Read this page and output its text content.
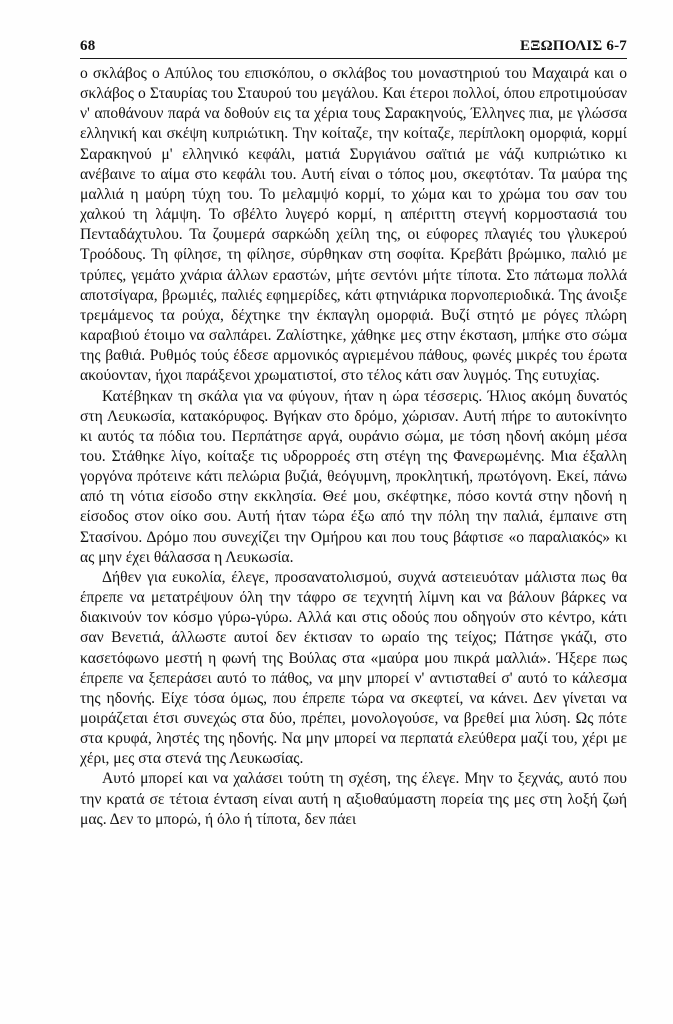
68	ΕΞΩΠΟΛΙΣ 6-7

ο σκλάβος ο Απύλος του επισκόπου, ο σκλάβος του μοναστηριού του Μαχαιρά και ο σκλάβος ο Σταυρίας του Σταυρού του μεγάλου. Και έτεροι πολλοί, όπου επροτιμούσαν ν' αποθάνουν παρά να δοθούν εις τα χέρια τους Σαρακηνούς, Έλληνες πια, με γλώσσα ελληνική και σκέψη κυπριώτικη. Την κοίταζε, την κοίταζε, περίπλοκη ομορφιά, κορμί Σαρακηνού μ' ελληνικό κεφάλι, ματιά Συργιάνου σαϊτιά με νάζι κυπριώτικο κι ανέβαινε το αίμα στο κεφάλι του. Αυτή είναι ο τόπος μου, σκεφτόταν. Τα μαύρα της μαλλιά η μαύρη τύχη του. Το μελαμψό κορμί, το χώμα και το χρώμα του σαν του χαλκού τη λάμψη. Το σβέλτο λυγερό κορμί, η απέριττη στεγνή κορμοστασιά του Πενταδάχτυλου. Τα ζουμερά σαρκώδη χείλη της, οι εύφορες πλαγιές του γλυκερού Τροόδους. Τη φίλησε, τη φίλησε, σύρθηκαν στη σοφίτα. Κρεβάτι βρώμικο, παλιό με τρύπες, γεμάτο χνάρια άλλων εραστών, μήτε σεντόνι μήτε τίποτα. Στο πάτωμα πολλά αποτσίγαρα, βρωμιές, παλιές εφημερίδες, κάτι φτηνιάρικα πορνοπεριοδικά. Της άνοιξε τρεμάμενος τα ρούχα, δέχτηκε την έκπαγλη ομορφιά. Βυζί στητό με ρόγες πλώρη καραβιού έτοιμο να σαλπάρει. Ζαλίστηκε, χάθηκε μες στην έκσταση, μπήκε στο σώμα της βαθιά. Ρυθμός τούς έδεσε αρμονικός αγριεμένου πάθους, φωνές μικρές του έρωτα ακούονταν, ήχοι παράξενοι χρωματιστοί, στο τέλος κάτι σαν λυγμός. Της ευτυχίας.

Κατέβηκαν τη σκάλα για να φύγουν, ήταν η ώρα τέσσερις. Ήλιος ακόμη δυνατός στη Λευκωσία, κατακόρυφος. Βγήκαν στο δρόμο, χώρισαν. Αυτή πήρε το αυτοκίνητο κι αυτός τα πόδια του. Περπάτησε αργά, ουράνιο σώμα, με τόση ηδονή ακόμη μέσα του. Στάθηκε λίγο, κοίταξε τις υδρορροές στη στέγη της Φανερωμένης. Μια έξαλλη γοργόνα πρότεινε κάτι πελώρια βυζιά, θεόγυμνη, προκλητική, πρωτόγονη. Εκεί, πάνω από τη νότια είσοδο στην εκκλησία. Θεέ μου, σκέφτηκε, πόσο κοντά στην ηδονή η είσοδος στον οίκο σου. Αυτή ήταν τώρα έξω από την πόλη την παλιά, έμπαινε στη Στασίνου. Δρόμο που συνεχίζει την Ομήρου και που τους βάφτισε «ο παραλιακός» κι ας μην έχει θάλασσα η Λευκωσία.

Δήθεν για ευκολία, έλεγε, προσανατολισμού, συχνά αστειευόταν μάλιστα πως θα έπρεπε να μετατρέψουν όλη την τάφρο σε τεχνητή λίμνη και να βάλουν βάρκες να διακινούν τον κόσμο γύρω-γύρω. Αλλά και στις οδούς που οδηγούν στο κέντρο, κάτι σαν Βενετιά, άλλωστε αυτοί δεν έκτισαν το ωραίο της τείχος; Πάτησε γκάζι, στο κασετόφωνο μεστή η φωνή της Βούλας στα «μαύρα μου πικρά μαλλιά». Ήξερε πως έπρεπε να ξεπεράσει αυτό το πάθος, να μην μπορεί ν' αντισταθεί σ' αυτό το κάλεσμα της ηδονής. Είχε τόσα όμως, που έπρεπε τώρα να σκεφτεί, να κάνει. Δεν γίνεται να μοιράζεται έτσι συνεχώς στα δύο, πρέπει, μονολογούσε, να βρεθεί μια λύση. Ως πότε στα κρυφά, ληστές της ηδονής. Να μην μπορεί να περπατά ελεύθερα μαζί του, χέρι με χέρι, μες στα στενά της Λευκωσίας.

Αυτό μπορεί και να χαλάσει τούτη τη σχέση, της έλεγε. Μην το ξεχνάς, αυτό που την κρατά σε τέτοια ένταση είναι αυτή η αξιοθαύμαστη πορεία της μες στη λοξή ζωή μας. Δεν το μπορώ, ή όλο ή τίποτα, δεν πάει
